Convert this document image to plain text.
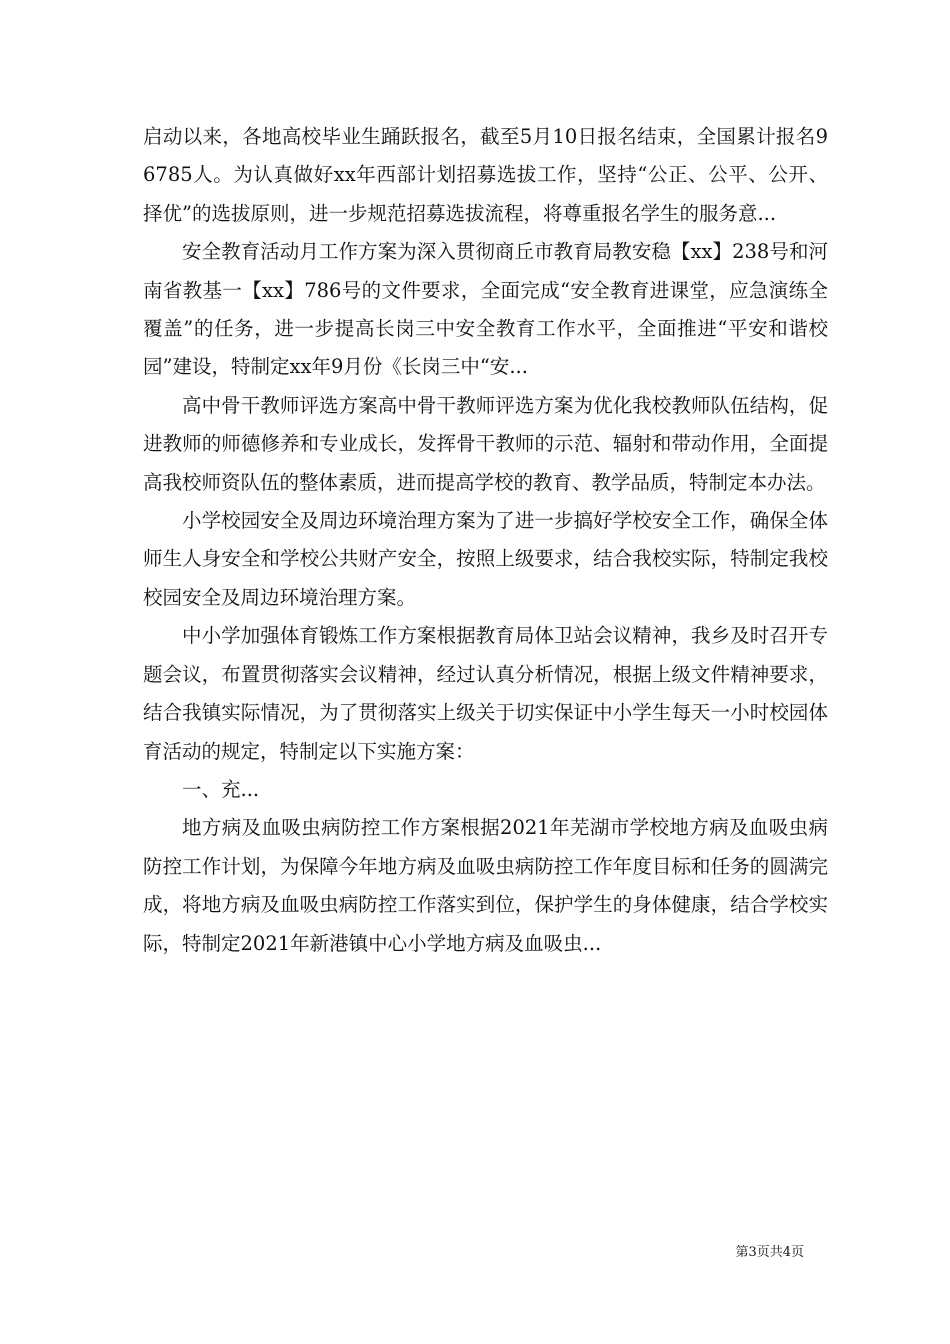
启动以来，各地高校毕业生踊跃报名，截至5月10日报名结束，全国累计报名96785人。为认真做好xx年西部计划招募选拔工作，坚持“公正、公平、公开、择优”的选拔原则，进一步规范招募选拔流程，将尊重报名学生的服务意...

安全教育活动月工作方案为深入贯彻商丘市教育局教安稳【xx】238号和河南省教基一【xx】786号的文件要求，全面完成“安全教育进课堂，应急演练全覆盖”的任务，进一步提高长岗三中安全教育工作水平，全面推进“平安和谐校园”建设，特制定xx年9月份《长岗三中“安...

高中骨干教师评选方案高中骨干教师评选方案为优化我校教师队伍结构，促进教师的师德修养和专业成长，发挥骨干教师的示范、辐射和带动作用，全面提高我校师资队伍的整体素质，进而提高学校的教育、教学品质，特制定本办法。

小学校园安全及周边环境治理方案为了进一步搞好学校安全工作，确保全体师生人身安全和学校公共财产安全，按照上级要求，结合我校实际，特制定我校校园安全及周边环境治理方案。

中小学加强体育锻炼工作方案根据教育局体卫站会议精神，我乡及时召开专题会议，布置贯彻落实会议精神，经过认真分析情况，根据上级文件精神要求，结合我镇实际情况，为了贯彻落实上级关于切实保证中小学生每天一小时校园体育活动的规定，特制定以下实施方案：

一、充...

地方病及血吸虫病防控工作方案根据2021年芜湖市学校地方病及血吸虫病防控工作计划，为保障今年地方病及血吸虫病防控工作年度目标和任务的圆满完成，将地方病及血吸虫病防控工作落实到位，保护学生的身体健康，结合学校实际，特制定2021年新港镇中心小学地方病及血吸虫...

第3页共4页
